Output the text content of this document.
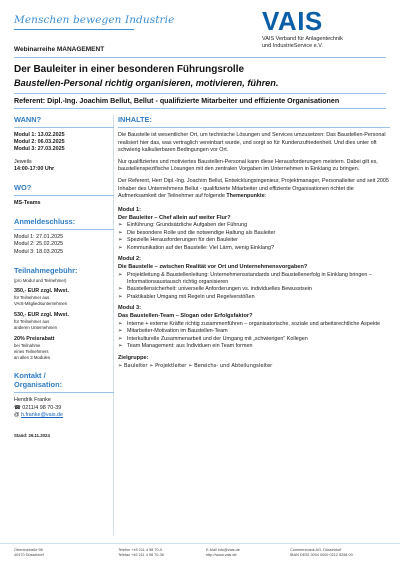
Menschen bewegen Industrie	VAIS
VAIS Verband für Anlagentechnik
und IndustrieService e.V.
Webinarreihe MANAGEMENT
Der Bauleiter in einer besonderen Führungsrolle
Baustellen-Personal richtig organisieren, motivieren, führen.
Referent: Dipl.-Ing. Joachim Bellut, Bellut - qualifizierte Mitarbeiter und effiziente Organisationen
WANN?
Modul 1: 13.02.2025
Modul 2: 06.03.2025
Modul 3: 27.03.2025
Jeweils
14:00-17:00 Uhr
WO?
MS-Teams
Anmeldeschluss:
Modul 1: 27.01.2025
Modul 2: 25.02.2025
Modul 3: 18.03.2025
Teilnahmegebühr:
(pro Modul und Teilnehmer)
350,- EUR zzgl. Mwst.
für Teilnehmer aus
VAIS-Mitgliedsunternehmen
530,- EUR zzgl. Mwst.
für Teilnehmer aus
anderen Unternehmen
20% Preisrabatt
bei Teilnahme
eines Teilnehmers
an allen 3 Modulen
Kontakt /
Organisation:
Hendrik Franke
☎ 0211/4 98 70-39
@ h.franke@vais.de
Stand: 26.11.2024
INHALTE:
Die Baustelle ist wesentlicher Ort, um technische Lösungen und Services umzusetzen: Das Baustellen-Personal realisiert hier das, was vertraglich vereinbart wurde, und sorgt so für Kundenzufriedenheit. Und dies unter oft schwierig kalkulierbaren Bedingungen vor Ort.
Nur qualifiziertes und motiviertes Baustellen-Personal kann diese Herausforderungen meistern. Dabei gilt es, baustellenspezifische Lösungen mit den zentralen Vorgaben im Unternehmen in Einklang zu bringen.
Der Referent, Herr Dipl.-Ing. Joachim Bellut, Entwicklungsingenieur, Projektmanager, Personalleiter und seit 2005 Inhaber des Unternehmens Bellut - qualifizierte Mitarbeiter und effiziente Organisationen richtet die Aufmerksamkeit der Teilnehmer auf folgende Themenpunkte:
Modul 1:
Der Bauleiter – Chef allein auf weiter Flur?
➢ Einführung: Grundsätzliche Aufgaben der Führung
➢ Die besondere Rolle und die notwendige Haltung als Bauleiter
➢ Spezielle Herausforderungen für den Bauleiter
➢ Kommunikation auf der Baustelle: Viel Lärm, wenig Einklang?
Modul 2:
Die Baustelle – zwischen Realität vor Ort und Unternehmensvorgaben?
➢ Projektleitung & Baustellenleitung: Unternehmensstandards und Baustellenerfolg in Einklang bringen – Informationsaustausch richtig organisieren
➢ Baustellensicherheit: universelle Anforderungen vs. individuelles Bewusstsein
➢ Praktikabler Umgang mit Regeln und Regelverstößen
Modul 3:
Das Baustellen-Team – Slogan oder Erfolgsfaktor?
➢ Interne + externe Kräfte richtig zusammenführen – organisatorische, soziale und arbeitsrechtliche Aspekte
➢ Mitarbeiter-Motivation im Baustellen-Team
➢ Interkulturelle Zusammenarbeit und der Umgang mit „schwierigen" Kollegen
➢ Team Management: aus Individuen ein Team formen
Zielgruppe:
➢ Bauleiter ➢ Projektleiter ➢ Bereichs- und Abteilungsleiter
Oberenstraße 96
40470 Düsseldorf
Telefon +49 211 4 98 70-0
Telefax +49 211 4 98 70-36
E-Mail info@vais.de
http://www.vais.de
Commerzbank AG, Düsseldorf
IBAN DE52 3004 0000 0212 8258 00
